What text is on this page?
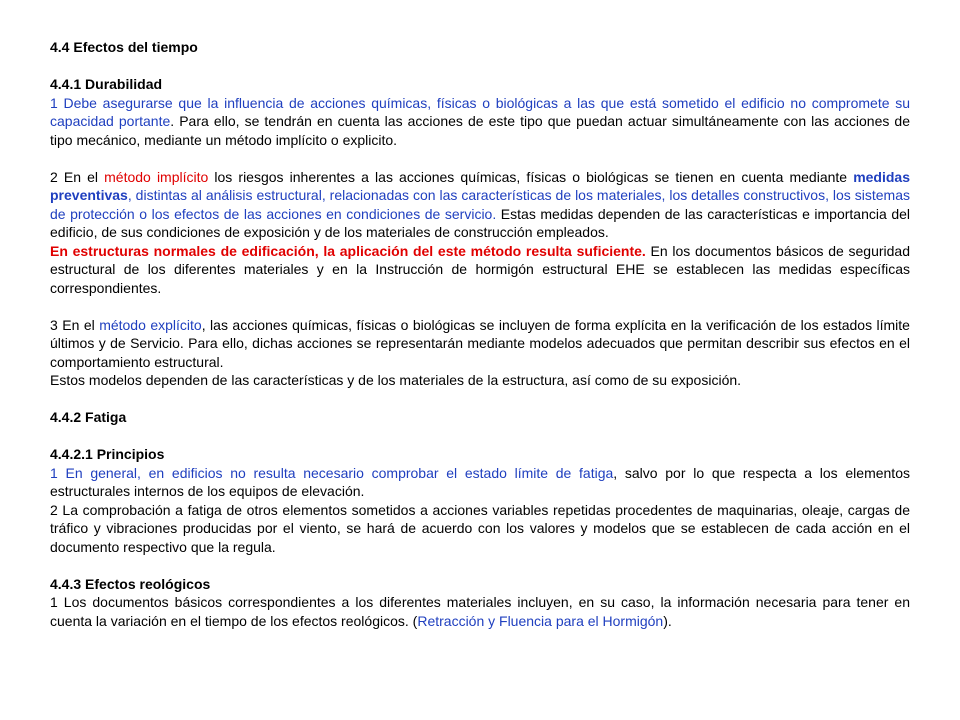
4.4 Efectos del tiempo

4.4.1 Durabilidad

1 Debe asegurarse que la influencia de acciones químicas, físicas o biológicas a las que está sometido el edificio no compromete su capacidad portante. Para ello, se tendrán en cuenta las acciones de este tipo que puedan actuar simultáneamente con las acciones de tipo mecánico, mediante un método implícito o explicito.

2 En el método implícito los riesgos inherentes a las acciones químicas, físicas o biológicas se tienen en cuenta mediante medidas preventivas, distintas al análisis estructural, relacionadas con las características de los materiales, los detalles constructivos, los sistemas de protección o los efectos de las acciones en condiciones de servicio. Estas medidas dependen de las características e importancia del edificio, de sus condiciones de exposición y de los materiales de construcción empleados.

En estructuras normales de edificación, la aplicación del este método resulta suficiente. En los documentos básicos de seguridad estructural de los diferentes materiales y en la Instrucción de hormigón estructural EHE se establecen las medidas específicas correspondientes.

3 En el método explícito, las acciones químicas, físicas o biológicas se incluyen de forma explícita en la verificación de los estados límite últimos y de Servicio. Para ello, dichas acciones se representarán mediante modelos adecuados que permitan describir sus efectos en el comportamiento estructural.

Estos modelos dependen de las características y de los materiales de la estructura, así como de su exposición.

4.4.2 Fatiga

4.4.2.1 Principios

1 En general, en edificios no resulta necesario comprobar el estado límite de fatiga, salvo por lo que respecta a los elementos estructurales internos de los equipos de elevación.

2 La comprobación a fatiga de otros elementos sometidos a acciones variables repetidas procedentes de maquinarias, oleaje, cargas de tráfico y vibraciones producidas por el viento, se hará de acuerdo con los valores y modelos que se establecen de cada acción en el documento respectivo que la regula.

4.4.3 Efectos reológicos

1 Los documentos básicos correspondientes a los diferentes materiales incluyen, en su caso, la información necesaria para tener en cuenta la variación en el tiempo de los efectos reológicos. (Retracción y Fluencia para el Hormigón).
